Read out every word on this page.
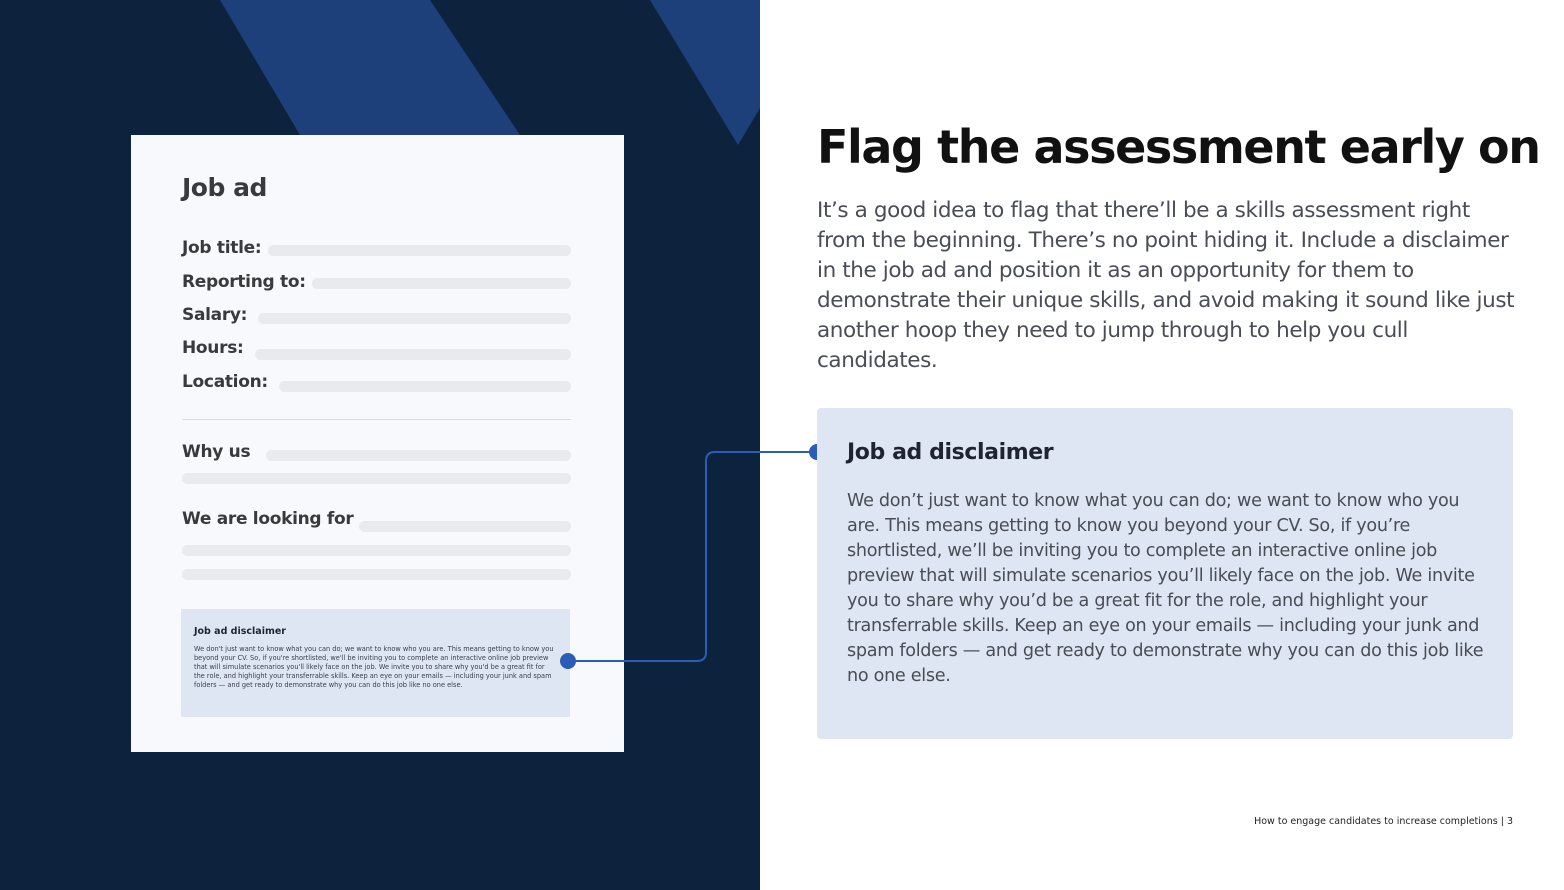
Job ad
Job title:
Reporting to:
Salary:
Hours:
Location:
Why us
We are looking for
Job ad disclaimer
We don't just want to know what you can do; we want to know who you are. This means getting to know you beyond your CV. So, if you're shortlisted, we'll be inviting you to complete an interactive online job preview that will simulate scenarios you'll likely face on the job. We invite you to share why you'd be a great fit for the role, and highlight your transferrable skills. Keep an eye on your emails — including your junk and spam folders — and get ready to demonstrate why you can do this job like no one else.
Flag the assessment early on

It’s a good idea to flag that there’ll be a skills assessment right from the beginning. There’s no point hiding it. Include a disclaimer in the job ad and position it as an opportunity for them to demonstrate their unique skills, and avoid making it sound like just another hoop they need to jump through to help you cull candidates.

Job ad disclaimer
We don’t just want to know what you can do; we want to know who you are. This means getting to know you beyond your CV. So, if you’re shortlisted, we’ll be inviting you to complete an interactive online job preview that will simulate scenarios you’ll likely face on the job. We invite you to share why you’d be a great fit for the role, and highlight your transferrable skills. Keep an eye on your emails — including your junk and spam folders — and get ready to demonstrate why you can do this job like no one else.
How to engage candidates to increase completions | 3
